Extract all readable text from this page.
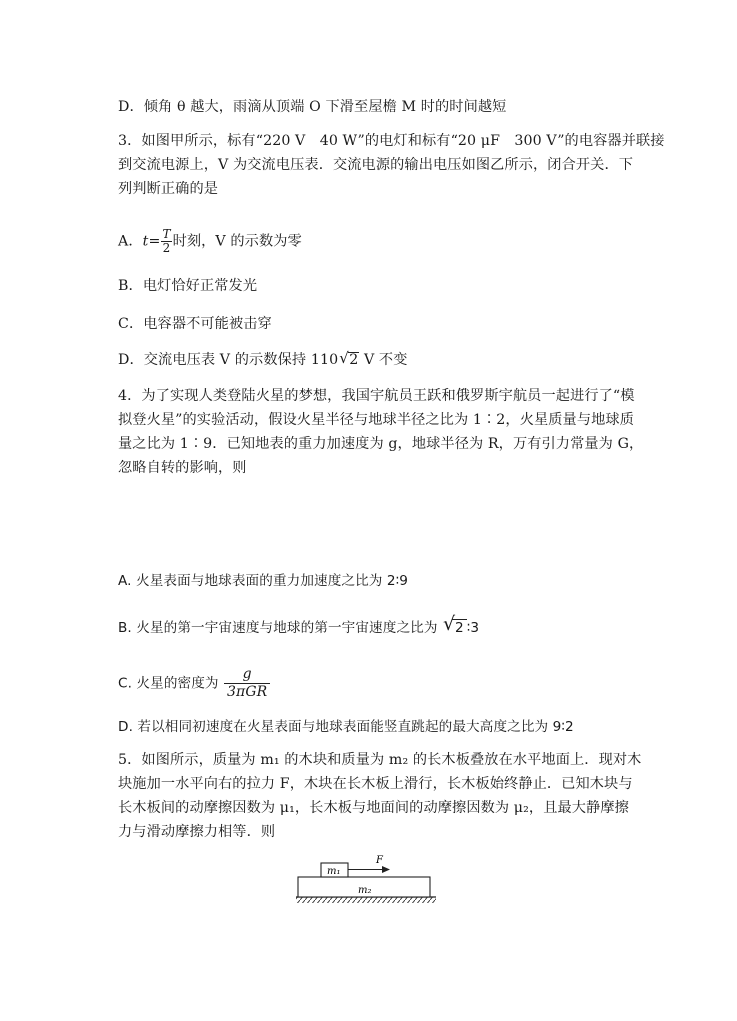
D．倾角 θ 越大，雨滴从顶端 O 下滑至屋檐 M 时的时间越短
3．如图甲所示，标有“220 V　40 W”的电灯和标有“20 μF　300 V”的电容器并联接
到交流电源上，V 为交流电压表．交流电源的输出电压如图乙所示，闭合开关．下
列判断正确的是
A．$t= \frac{T}{2}$ 时刻，V 的示数为零
B．电灯恰好正常发光
C．电容器不可能被击穿
D．交流电压表 V 的示数保持 110√ 2 V 不变
4．为了实现人类登陆火星的梦想，我国宇航员王跃和俄罗斯宇航员一起进行了“模
拟登火星”的实验活动，假设火星半径与地球半径之比为 1∶2，火星质量与地球质
量之比为 1∶9．已知地表的重力加速度为 g，地球半径为 R，万有引力常量为 G，
忽略自转的影响，则
A. 火星表面与地球表面的重力加速度之比为 2∶9
B. 火星的第一宇宙速度与地球的第一宇宙速度之比为 √ 2 ∶3
C. 火星的密度为 $\frac{g}{\text{3πGR}}$
D. 若以相同初速度在火星表面与地球表面能竖直跳起的最大高度之比为 9∶2
5．如图所示，质量为 m₁ 的木块和质量为 m₂ 的长木板叠放在水平地面上．现对木
块施加一水平向右的拉力 F，木块在长木板上滑行，长木板始终静止．已知木块与
长木板间的动摩擦因数为 μ₁，长木板与地面间的动摩擦因数为 μ₂，且最大静摩擦
力与滑动摩擦力相等．则
m₁
m₂
F
